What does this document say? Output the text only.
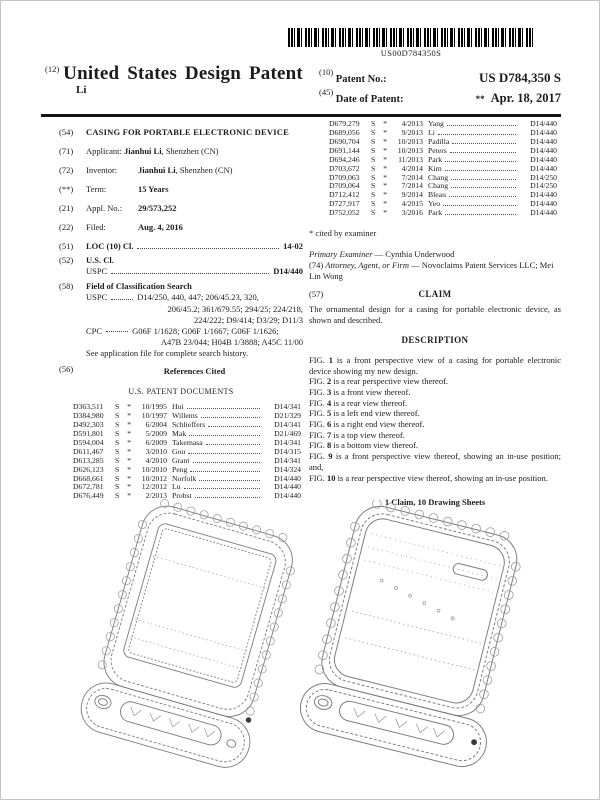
US00D784350S
$^{(12)}$ United States Design Patent
Li
$^{(10)}$ Patent No.:	US D784,350 S
$^{(45)}$ Date of Patent:	** Apr. 18, 2017
(54)	CASING FOR PORTABLE ELECTRONIC DEVICE
(71)	Applicant: Jianhui Li, Shenzhen (CN)
(72)	Inventor: Jianhui Li, Shenzhen (CN)
(**)	Term:	15 Years
(21)	Appl. No.: 29/573,252
(22)	Filed:	Aug. 4, 2016
(51)	LOC (10) Cl.	14-02
(52)	U.S. Cl.
USPC	D14/440
(58)	Field of Classification Search
USPC	D14/250, 440, 447; 206/45.23, 320,
206/45.2; 361/679.55; 294/25; 224/218,
224/222; D9/414; D3/29; D11/3
CPC	G06F 1/1628; G06F 1/1667; G06F 1/1626;
A47B 23/044; H04B 1/3888; A45C 11/00
See application file for complete search history.
(56)	References Cited
U.S. PATENT DOCUMENTS
D363,511	S	*	10/1995 Hui	D14/341
D384,980	S	*	10/1997 Willems	D21/329
D492,303	S	*	6/2004 Schlieffers	D14/341
D591,801	S	*	5/2009 Mak	D21/469
D594,004	S	*	6/2009 Takemasa	D14/341
D611,467	S	*	3/2010 Gou	D14/315
D613,285	S	*	4/2010 Grant	D14/341
D626,123	S	*	10/2010 Peng	D14/324
D668,661	S	*	10/2012 Norfolk	D14/440
D672,781	S	*	12/2012 Lu	D14/440
D676,449	S	*	2/2013 Probst	D14/440
D679,279	S	*	4/2013 Yang	D14/440
D689,056	S	*	9/2013 Li	D14/440
D690,704	S	*	10/2013 Padilla	D14/440
D691,144	S	*	10/2013 Peters	D14/440
D694,246	S	*	11/2013 Park	D14/440
D703,672	S	*	4/2014 Kim	D14/440
D709,063	S	*	7/2014 Chang	D14/250
D709,064	S	*	7/2014 Chang	D14/250
D712,412	S	*	9/2014 Bleau	D14/440
D727,917	S	*	4/2015 Yeo	D14/440
D752,052	S	*	3/2016 Park	D14/440
* cited by examiner
Primary Examiner — Cynthia Underwood
(74) Attorney, Agent, or Firm — Novoclaims Patent Services LLC; Mei Lin Wong
(57)	CLAIM

The ornamental design for a casing for portable electronic device, as shown and described.

DESCRIPTION

FIG. 1 is a front perspective view of a casing for portable electronic device showing my new design.

FIG. 2 is a rear perspective view thereof.

FIG. 3 is a front view thereof.

FIG. 4 is a rear view thereof.

FIG. 5 is a left end view thereof.

FIG. 6 is a right end view thereof.

FIG. 7 is a top view thereof.

FIG. 8 is a bottom view thereof.

FIG. 9 is a front perspective view thereof, showing an in-use position; and,

FIG. 10 is a rear perspective view thereof, showing an in-use position.

1 Claim, 10 Drawing Sheets
